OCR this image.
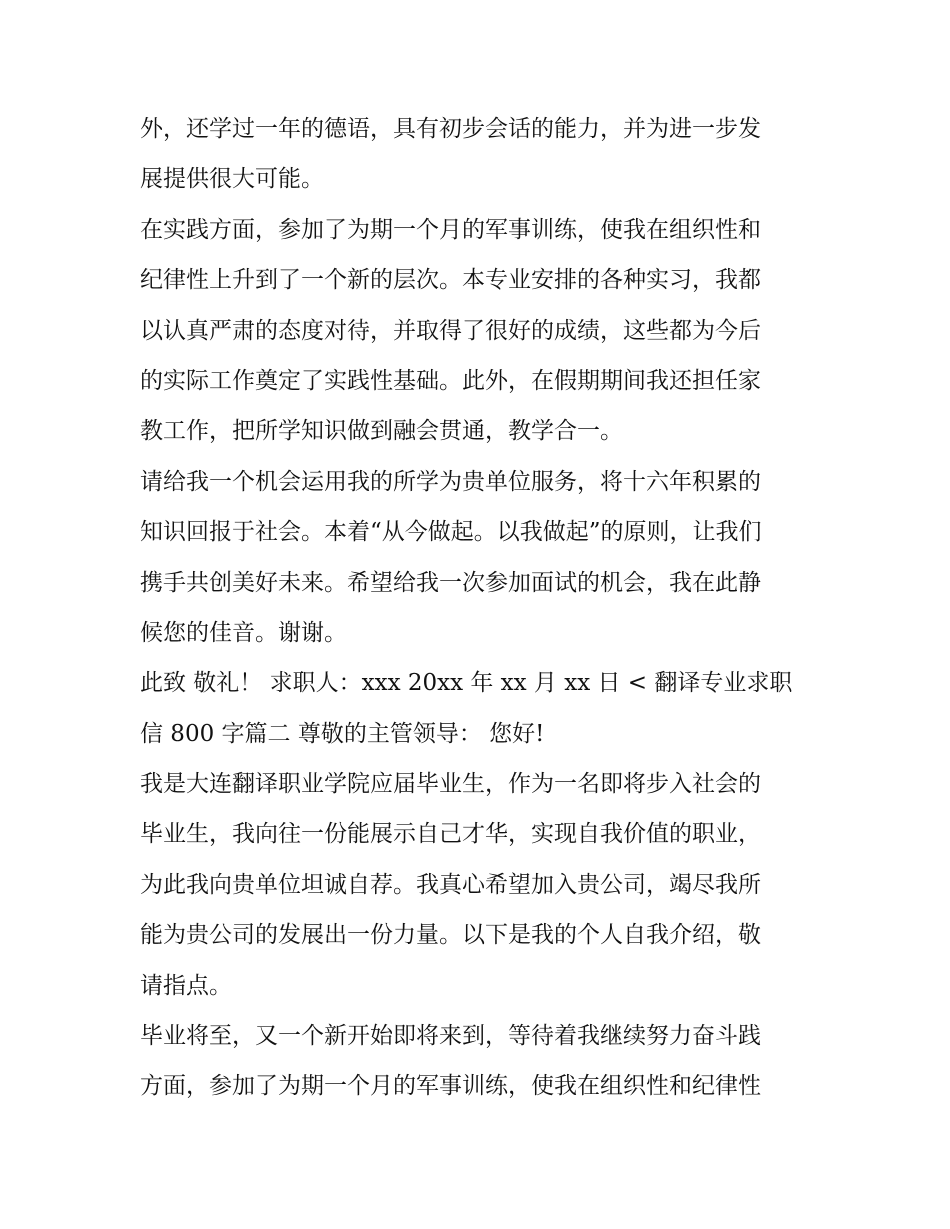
外，还学过一年的德语，具有初步会话的能力，并为进一步发
展提供很大可能。

在实践方面，参加了为期一个月的军事训练，使我在组织性和
纪律性上升到了一个新的层次。本专业安排的各种实习，我都
以认真严肃的态度对待，并取得了很好的成绩，这些都为今后
的实际工作奠定了实践性基础。此外，在假期期间我还担任家
教工作，把所学知识做到融会贯通，教学合一。

请给我一个机会运用我的所学为贵单位服务，将十六年积累的
知识回报于社会。本着“从今做起。以我做起”的原则，让我们
携手共创美好未来。希望给我一次参加面试的机会，我在此静
候您的佳音。谢谢。

此致 敬礼！ 求职人：xxx 20xx 年 xx 月 xx 日 < 翻译专业求职
信 800 字篇二 尊敬的主管领导： 您好!

我是大连翻译职业学院应届毕业生，作为一名即将步入社会的
毕业生，我向往一份能展示自己才华，实现自我价值的职业，
为此我向贵单位坦诚自荐。我真心希望加入贵公司，竭尽我所
能为贵公司的发展出一份力量。以下是我的个人自我介绍，敬
请指点。

毕业将至，又一个新开始即将来到，等待着我继续努力奋斗践
方面，参加了为期一个月的军事训练，使我在组织性和纪律性
